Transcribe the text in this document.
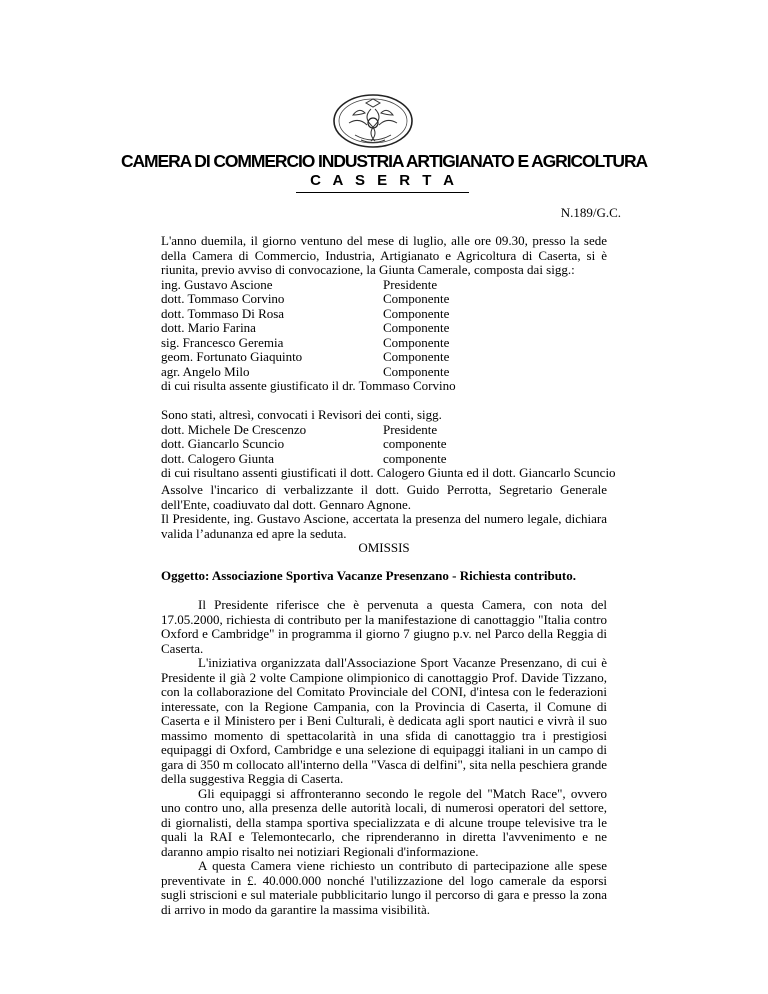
CAMERA DI COMMERCIO INDUSTRIA ARTIGIANATO E AGRICOLTURA
C A S E R T A
N.189/G.C.

L'anno duemila, il giorno ventuno del mese di luglio, alle ore 09.30, presso la sede della Camera di Commercio, Industria, Artigianato e Agricoltura di Caserta, si è riunita, previo avviso di convocazione, la Giunta Camerale, composta dai sigg.:

ing. Gustavo Ascione	Presidente
dott. Tommaso Corvino	Componente
dott. Tommaso Di Rosa	Componente
dott. Mario Farina	Componente
sig. Francesco Geremia	Componente
geom. Fortunato Giaquinto	Componente
agr. Angelo Milo	Componente
di cui risulta assente giustificato il dr. Tommaso Corvino
Sono stati, altresì, convocati i Revisori dei conti, sigg.
dott. Michele De Crescenzo	Presidente
dott. Giancarlo Scuncio	componente
dott. Calogero Giunta	componente
di cui risultano assenti giustificati il dott. Calogero Giunta ed il dott. Giancarlo Scuncio

Assolve l'incarico di verbalizzante il dott. Guido Perrotta, Segretario Generale dell'Ente, coadiuvato dal dott. Gennaro Agnone.

Il Presidente, ing. Gustavo Ascione, accertata la presenza del numero legale, dichiara valida l’adunanza ed apre la seduta.

OMISSIS
Oggetto: Associazione Sportiva Vacanze Presenzano - Richiesta contributo.

Il Presidente riferisce che è pervenuta a questa Camera, con nota del 17.05.2000, richiesta di contributo per la manifestazione di canottaggio "Italia contro Oxford e Cambridge" in programma il giorno 7 giugno p.v. nel Parco della Reggia di Caserta.

L'iniziativa organizzata dall'Associazione Sport Vacanze Presenzano, di cui è Presidente il già 2 volte Campione olimpionico di canottaggio Prof. Davide Tizzano, con la collaborazione del Comitato Provinciale del CONI, d'intesa con le federazioni interessate, con la Regione Campania, con la Provincia di Caserta, il Comune di Caserta e il Ministero per i Beni Culturali, è dedicata agli sport nautici e vivrà il suo massimo momento di spettacolarità in una sfida di canottaggio tra i prestigiosi equipaggi di Oxford, Cambridge e una selezione di equipaggi italiani in un campo di gara di 350 m collocato all'interno della "Vasca di delfini", sita nella peschiera grande della suggestiva Reggia di Caserta.

Gli equipaggi si affronteranno secondo le regole del "Match Race", ovvero uno contro uno, alla presenza delle autorità locali, di numerosi operatori del settore, di giornalisti, della stampa sportiva specializzata e di alcune troupe televisive tra le quali la RAI e Telemontecarlo, che riprenderanno in diretta l'avvenimento e ne daranno ampio risalto nei notiziari Regionali d'informazione.

A questa Camera viene richiesto un contributo di partecipazione alle spese preventivate in £. 40.000.000 nonché l'utilizzazione del logo camerale da esporsi sugli striscioni e sul materiale pubblicitario lungo il percorso di gara e presso la zona di arrivo in modo da garantire la massima visibilità.
